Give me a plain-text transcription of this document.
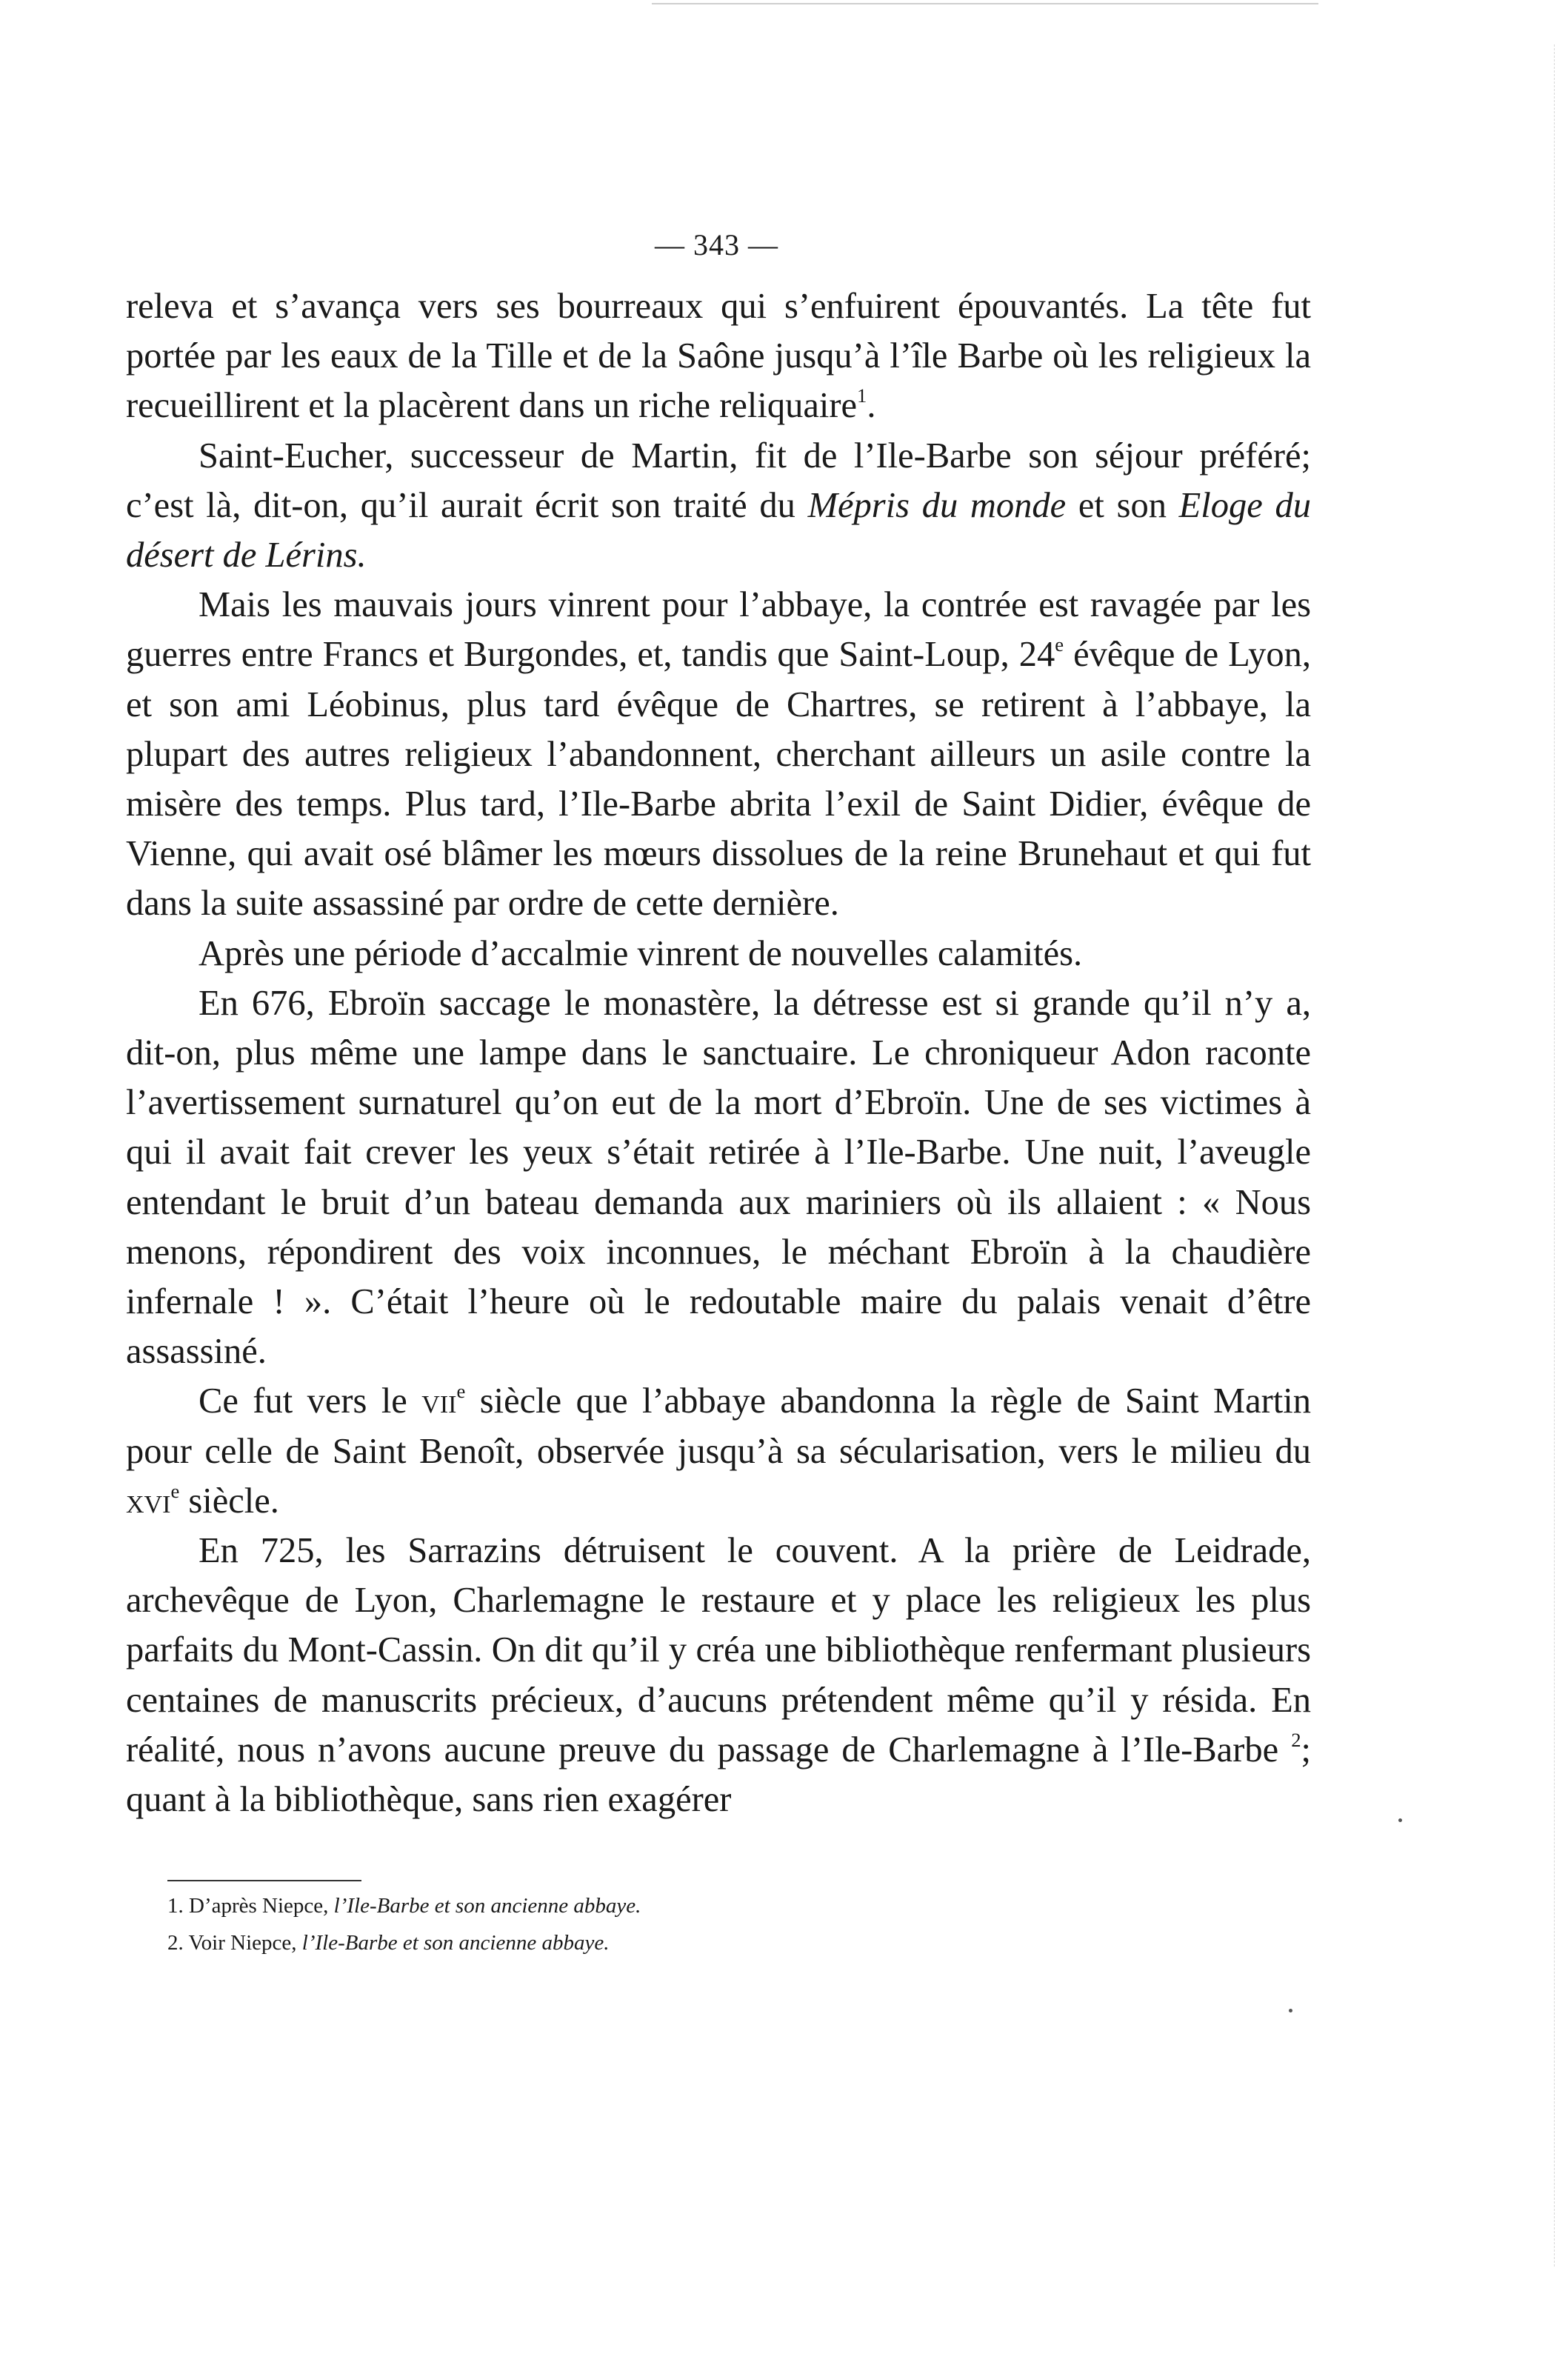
— 343 —

releva et s’avança vers ses bourreaux qui s’enfuirent épouvantés. La tête fut portée par les eaux de la Tille et de la Saône jusqu’à l’île Barbe où les religieux la recueillirent et la placèrent dans un riche reliquaire$^1$.

Saint-Eucher, successeur de Martin, fit de l’Ile-Barbe son séjour préféré; c’est là, dit-on, qu’il aurait écrit son traité du Mépris du monde et son Eloge du désert de Lérins.

Mais les mauvais jours vinrent pour l’abbaye, la contrée est ravagée par les guerres entre Francs et Burgondes, et, tandis que Saint-Loup, 24e évêque de Lyon, et son ami Léobinus, plus tard évêque de Chartres, se retirent à l’abbaye, la plupart des autres religieux l’abandonnent, cherchant ailleurs un asile contre la misère des temps. Plus tard, l’Ile-Barbe abrita l’exil de Saint Didier, évêque de Vienne, qui avait osé blâmer les mœurs dissolues de la reine Brunehaut et qui fut dans la suite assassiné par ordre de cette dernière.

Après une période d’accalmie vinrent de nouvelles calamités.

En 676, Ebroïn saccage le monastère, la détresse est si grande qu’il n’y a, dit-on, plus même une lampe dans le sanctuaire. Le chroniqueur Adon raconte l’avertissement surnaturel qu’on eut de la mort d’Ebroïn. Une de ses victimes à qui il avait fait crever les yeux s’était retirée à l’Ile-Barbe. Une nuit, l’aveugle entendant le bruit d’un bateau demanda aux mariniers où ils allaient : « Nous menons, répondirent des voix inconnues, le méchant Ebroïn à la chaudière infernale ! ». C’était l’heure où le redoutable maire du palais venait d’être assassiné.

Ce fut vers le vii$^e$ siècle que l’abbaye abandonna la règle de Saint Martin pour celle de Saint Benoît, observée jusqu’à sa sécularisation, vers le milieu du xvi$^e$ siècle.

En 725, les Sarrazins détruisent le couvent. A la prière de Leidrade, archevêque de Lyon, Charlemagne le restaure et y place les religieux les plus parfaits du Mont-Cassin. On dit qu’il y créa une bibliothèque renfermant plusieurs centaines de manuscrits précieux, d’aucuns prétendent même qu’il y résida. En réalité, nous n’avons aucune preuve du passage de Charlemagne à l’Ile-Barbe $^2$; quant à la bibliothèque, sans rien exagérer

1. D’après Niepce, l’Ile-Barbe et son ancienne abbaye.

2. Voir Niepce, l’Ile-Barbe et son ancienne abbaye.
